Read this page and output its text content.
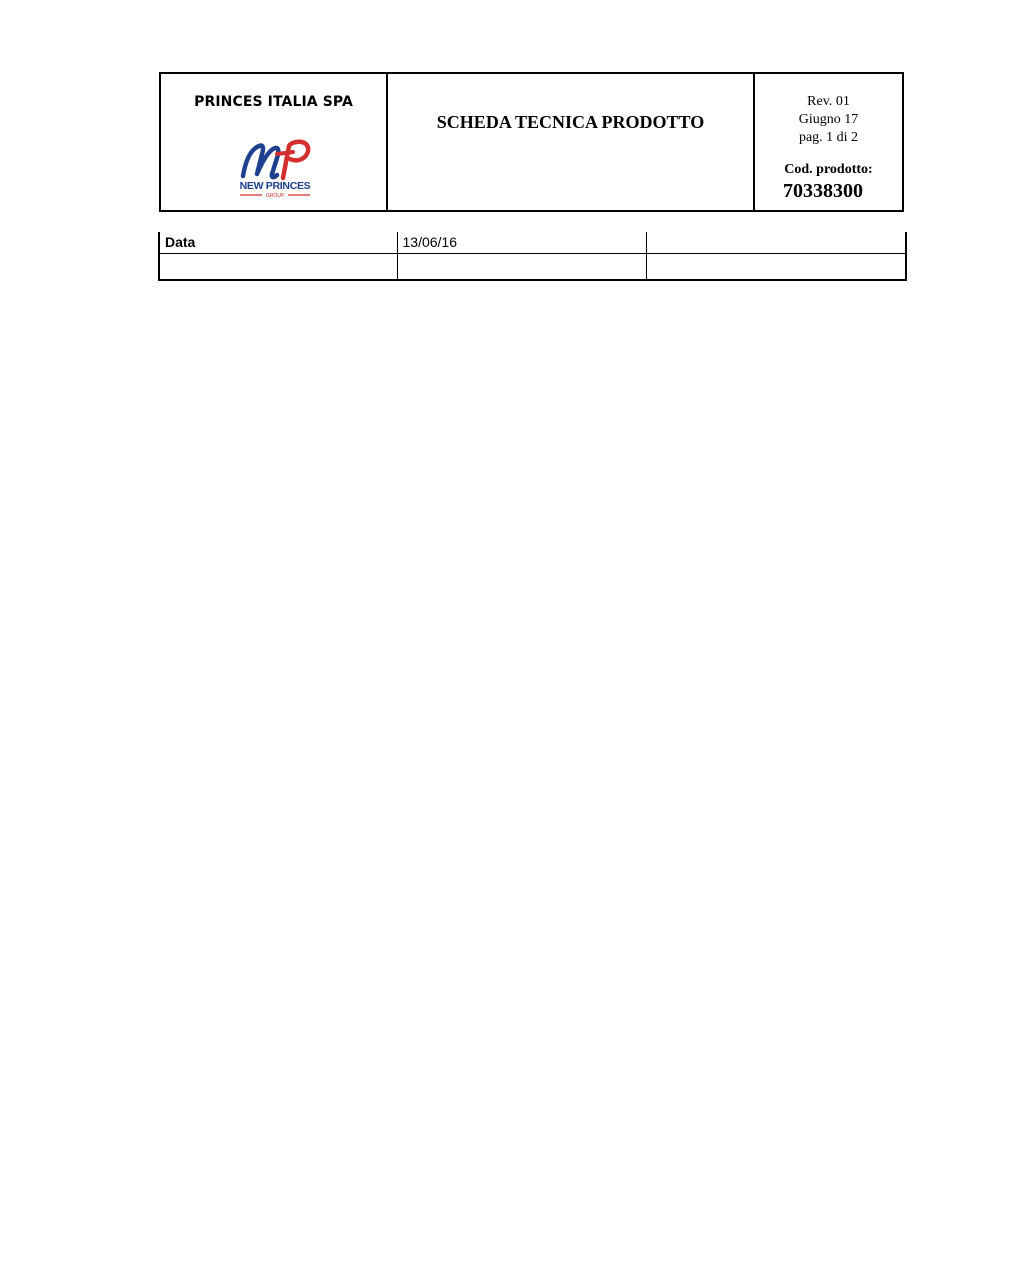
PRINCES ITALIA SPA
NEW PRINCES
GROUP
SCHEDA TECNICA PRODOTTO
Rev. 01
Giugno 17
pag. 1 di 2
Cod. prodotto:
70338300
Data	13/06/16	
